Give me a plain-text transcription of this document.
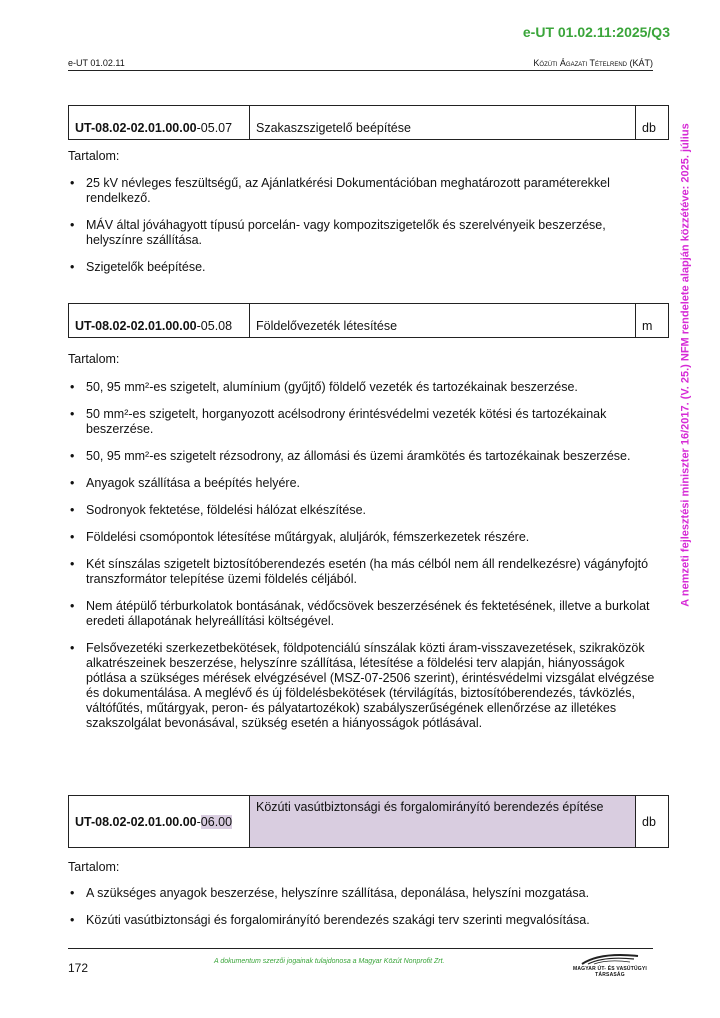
e-UT 01.02.11:2025/Q3
e-UT 01.02.11	Közúti Ágazati Tételrend (KÁT)
A nemzeti fejlesztési miniszter 16/2017. (V. 25.) NFM rendelete alapján közzétéve: 2025. július
UT-08.02-02.01.00.00-05.07	Szakaszszigetelő beépítése	db
Tartalom:
• 25 kV névleges feszültségű, az Ajánlatkérési Dokumentációban meghatározott paraméterekkel rendelkező.
• MÁV által jóváhagyott típusú porcelán- vagy kompozitszigetelők és szerelvényeik beszerzése, helyszínre szállítása.
• Szigetelők beépítése.
UT-08.02-02.01.00.00-05.08	Földelővezeték létesítése	m
Tartalom:
• 50, 95 mm²-es szigetelt, alumínium (gyűjtő) földelő vezeték és tartozékainak beszerzése.
• 50 mm²-es szigetelt, horganyozott acélsodrony érintésvédelmi vezeték kötési és tartozékainak beszerzése.
• 50, 95 mm²-es szigetelt rézsodrony, az állomási és üzemi áramkötés és tartozékainak beszerzése.
• Anyagok szállítása a beépítés helyére.
• Sodronyok fektetése, földelési hálózat elkészítése.
• Földelési csomópontok létesítése műtárgyak, aluljárók, fémszerkezetek részére.
• Két sínszálas szigetelt biztosítóberendezés esetén (ha más célból nem áll rendelkezésre) vágányfojtó transzformátor telepítése üzemi földelés céljából.
• Nem átépülő térburkolatok bontásának, védőcsövek beszerzésének és fektetésének, illetve a burkolat eredeti állapotának helyreállítási költségével.
• Felsővezetéki szerkezetbekötések, földpotenciálú sínszálak közti áram-visszavezetések, szikraközök alkatrészeinek beszerzése, helyszínre szállítása, létesítése a földelési terv alapján, hiányosságok pótlása a szükséges mérések elvégzésével (MSZ-07-2506 szerint), érintésvédelmi vizsgálat elvégzése és dokumentálása. A meglévő és új földelésbekötések (térvilágítás, biztosítóberendezés, távközlés, váltófűtés, műtárgyak, peron- és pályatartozékok) szabályszerűségének ellenőrzése az illetékes szakszolgálat bevonásával, szükség esetén a hiányosságok pótlásával.
UT-08.02-02.01.00.00-06.00	Közúti vasútbiztonsági és forgalomirányító berendezés építése	db
Tartalom:
• A szükséges anyagok beszerzése, helyszínre szállítása, deponálása, helyszíni mozgatása.
• Közúti vasútbiztonsági és forgalomirányító berendezés szakági terv szerinti megvalósítása.
172	A dokumentum szerzői jogainak tulajdonosa a Magyar Közút Nonprofit Zrt.
MAGYAR ÚT- ÉS VASÚTÜGYI TÁRSASÁG
